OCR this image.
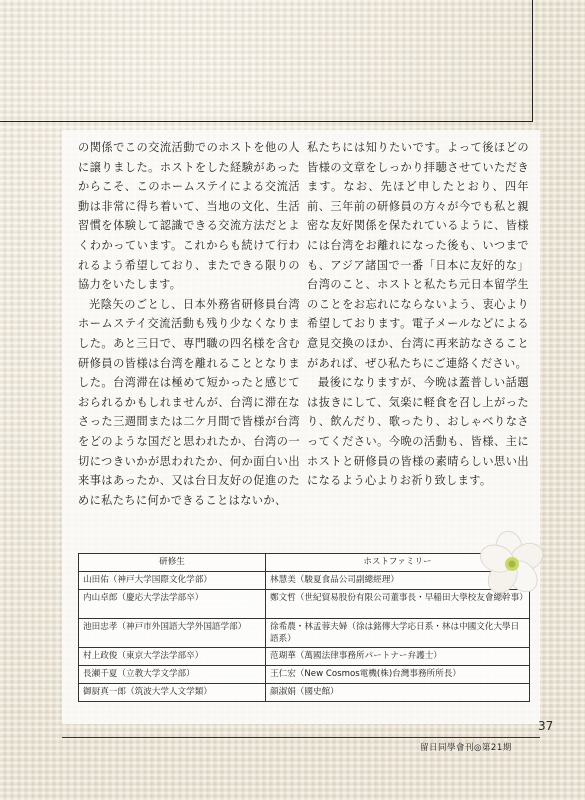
の関係でこの交流活動でのホストを他の人に譲りました。ホストをした経験があったからこそ、このホームステイによる交流活動は非常に得ち着いて、当地の文化、生活習慣を体験して認識できる交流方法だとよくわかっています。これからも続けて行われるよう希望しており、またできる限りの協力をいたします。

光陰矢のごとし、日本外務省研修員台湾ホームステイ交流活動も残り少なくなりました。あと三日で、専門職の四名様を含む研修員の皆様は台湾を離れることとなりました。台湾滞在は極めて短かったと感じておられるかもしれませんが、台湾に滞在なさった三週間または二ケ月間で皆様が台湾をどのような国だと思われたか、台湾の一切につきいかが思われたか、何か面白い出来事はあったか、又は台日友好の促進のために私たちに何かできることはないか、

私たちには知りたいです。よって後ほどの皆様の文章をしっかり拝聴させていただきます。なお、先ほど申したとおり、四年前、三年前の研修員の方々が今でも私と親密な友好関係を保たれているように、皆様には台湾をお離れになった後も、いつまでも、アジア諸国で一番「日本に友好的な」台湾のこと、ホストと私たち元日本留学生のことをお忘れにならないよう、衷心より希望しております。電子メールなどによる意見交換のほか、台湾に再来訪なさることがあれば、ぜひ私たちにご連絡ください。

最後になりますが、今晩は蓋普しい話題は抜きにして、気楽に軽食を召し上がったり、飲んだり、歌ったり、おしゃべりなさってください。今晩の活動も、皆様、主にホストと研修員の皆様の素晴らしい思い出になるよう心よりお祈り致します。

研修生	ホストファミリー
山田佑（神戸大学国際文化学部）	林慧美（駿夏食品公司副總經理）
内山卓郎（慶応大学法学部卒）	鄭文哲（世紀貿易股份有限公司董事長・早稲田大學校友會總幹事）
池田忠孝（神戸市外国語大学外国語学部）	徐希農・林孟蓉夫婦（徐は銘傳大学応日系・林は中國文化大學日語系）
村上政俊（東京大学法学部卒）	范瑚華（萬國法律事務所パートナー弁護士）
長瀬千夏（立教大学文学部）	王仁宏（New Cosmos電機(株)台灣事務所所長）
御厨真一郎（筑波大学人文学類）	顔淑娟（國史館）
37
留日同學會刊◎第21期
